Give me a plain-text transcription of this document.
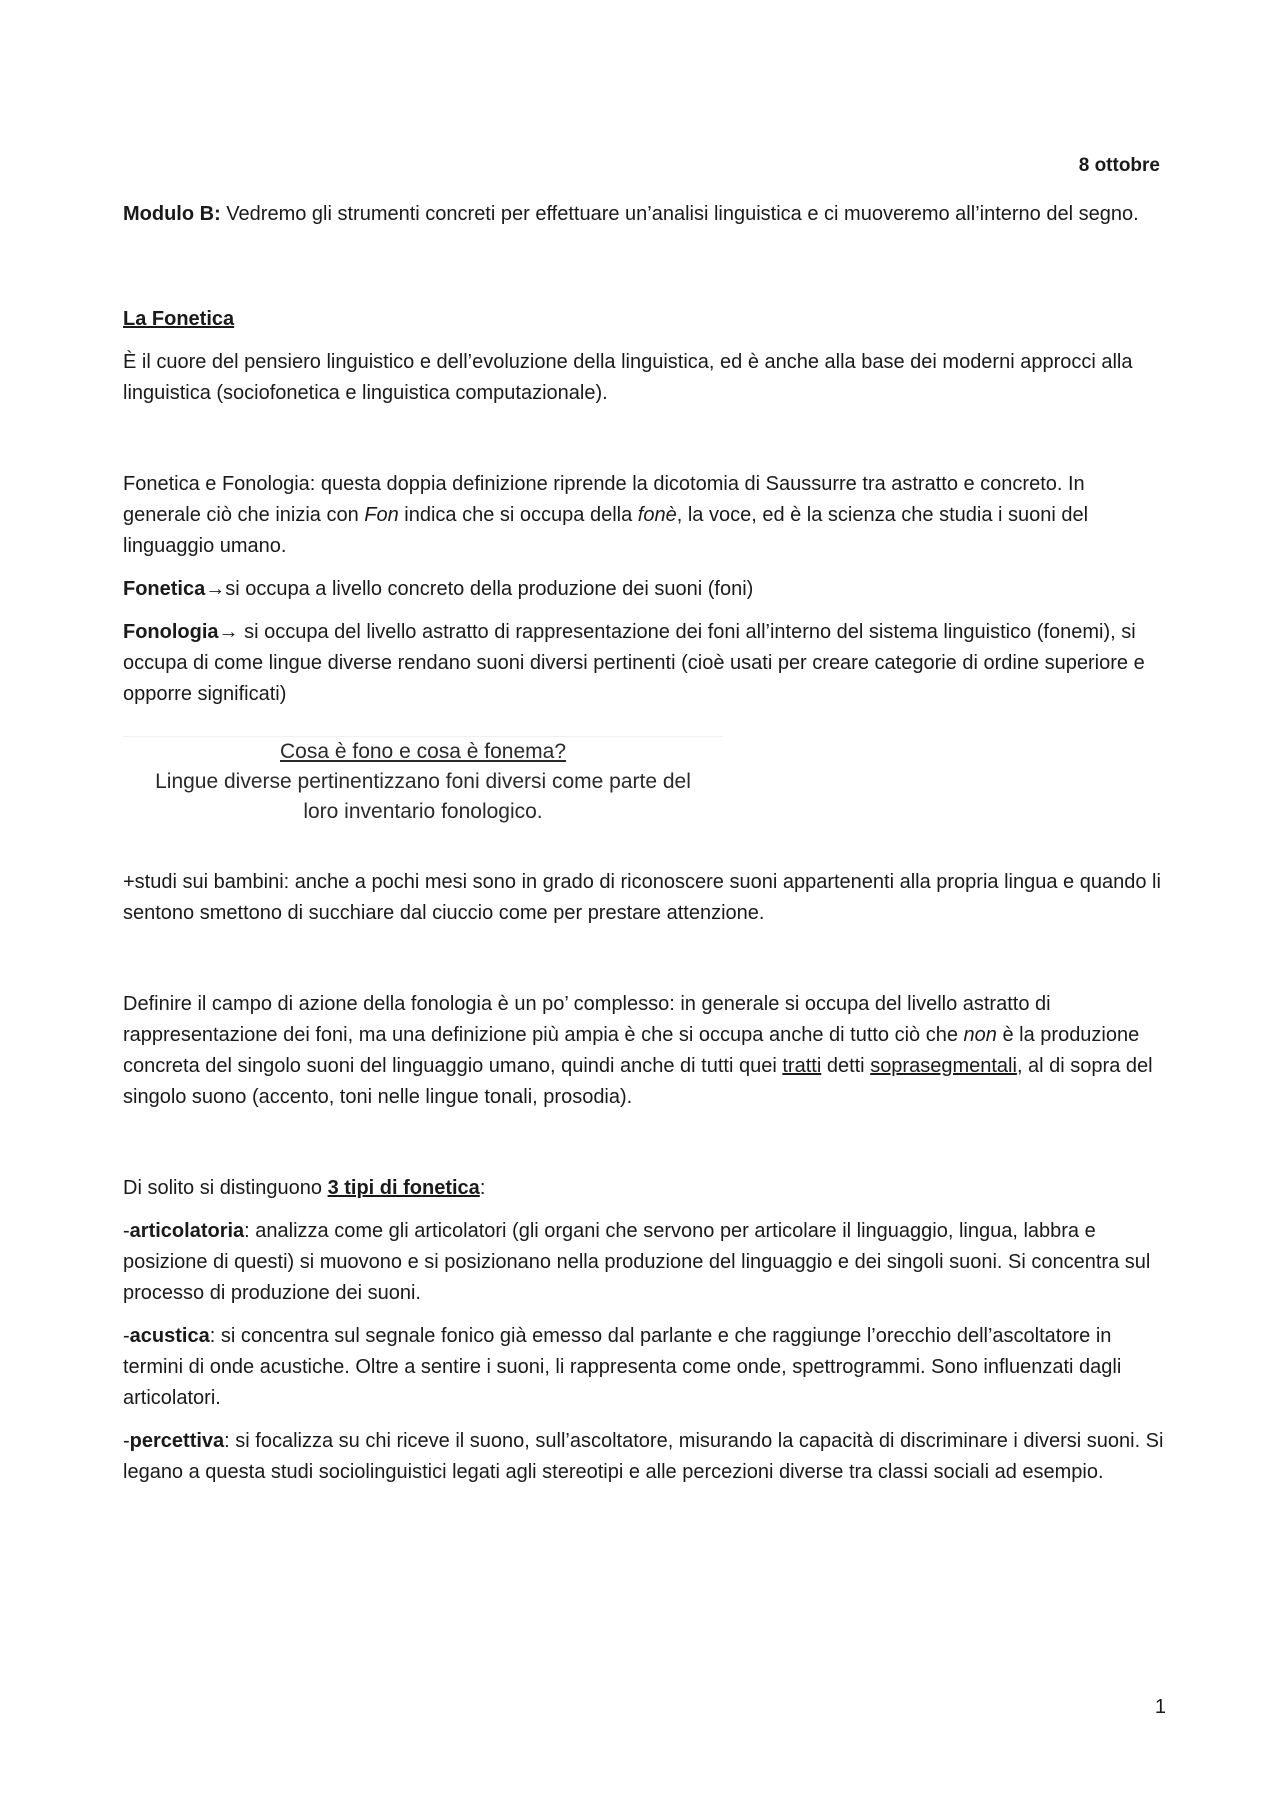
8 ottobre

Modulo B: Vedremo gli strumenti concreti per effettuare un’analisi linguistica e ci muoveremo all’interno del segno.

La Fonetica

È il cuore del pensiero linguistico e dell’evoluzione della linguistica, ed è anche alla base dei moderni approcci alla linguistica (sociofonetica e linguistica computazionale).

Fonetica e Fonologia: questa doppia definizione riprende la dicotomia di Saussurre tra astratto e concreto. In generale ciò che inizia con Fon indica che si occupa della fonè, la voce, ed è la scienza che studia i suoni del linguaggio umano.

Fonetica→si occupa a livello concreto della produzione dei suoni (foni)

Fonologia→ si occupa del livello astratto di rappresentazione dei foni all’interno del sistema linguistico (fonemi), si occupa di come lingue diverse rendano suoni diversi pertinenti (cioè usati per creare categorie di ordine superiore e opporre significati)

Cosa è fono e cosa è fonema?
Lingue diverse pertinentizzano foni diversi come parte del
loro inventario fonologico.

+studi sui bambini: anche a pochi mesi sono in grado di riconoscere suoni appartenenti alla propria lingua e quando li sentono smettono di succhiare dal ciuccio come per prestare attenzione.

Definire il campo di azione della fonologia è un po’ complesso: in generale si occupa del livello astratto di rappresentazione dei foni, ma una definizione più ampia è che si occupa anche di tutto ciò che non è la produzione concreta del singolo suoni del linguaggio umano, quindi anche di tutti quei tratti detti soprasegmentali, al di sopra del singolo suono (accento, toni nelle lingue tonali, prosodia).

Di solito si distinguono 3 tipi di fonetica:

-articolatoria: analizza come gli articolatori (gli organi che servono per articolare il linguaggio, lingua, labbra e posizione di questi) si muovono e si posizionano nella produzione del linguaggio e dei singoli suoni. Si concentra sul processo di produzione dei suoni.

-acustica: si concentra sul segnale fonico già emesso dal parlante e che raggiunge l’orecchio dell’ascoltatore in termini di onde acustiche. Oltre a sentire i suoni, li rappresenta come onde, spettrogrammi. Sono influenzati dagli articolatori.

-percettiva: si focalizza su chi riceve il suono, sull’ascoltatore, misurando la capacità di discriminare i diversi suoni. Si legano a questa studi sociolinguistici legati agli stereotipi e alle percezioni diverse tra classi sociali ad esempio.

1
